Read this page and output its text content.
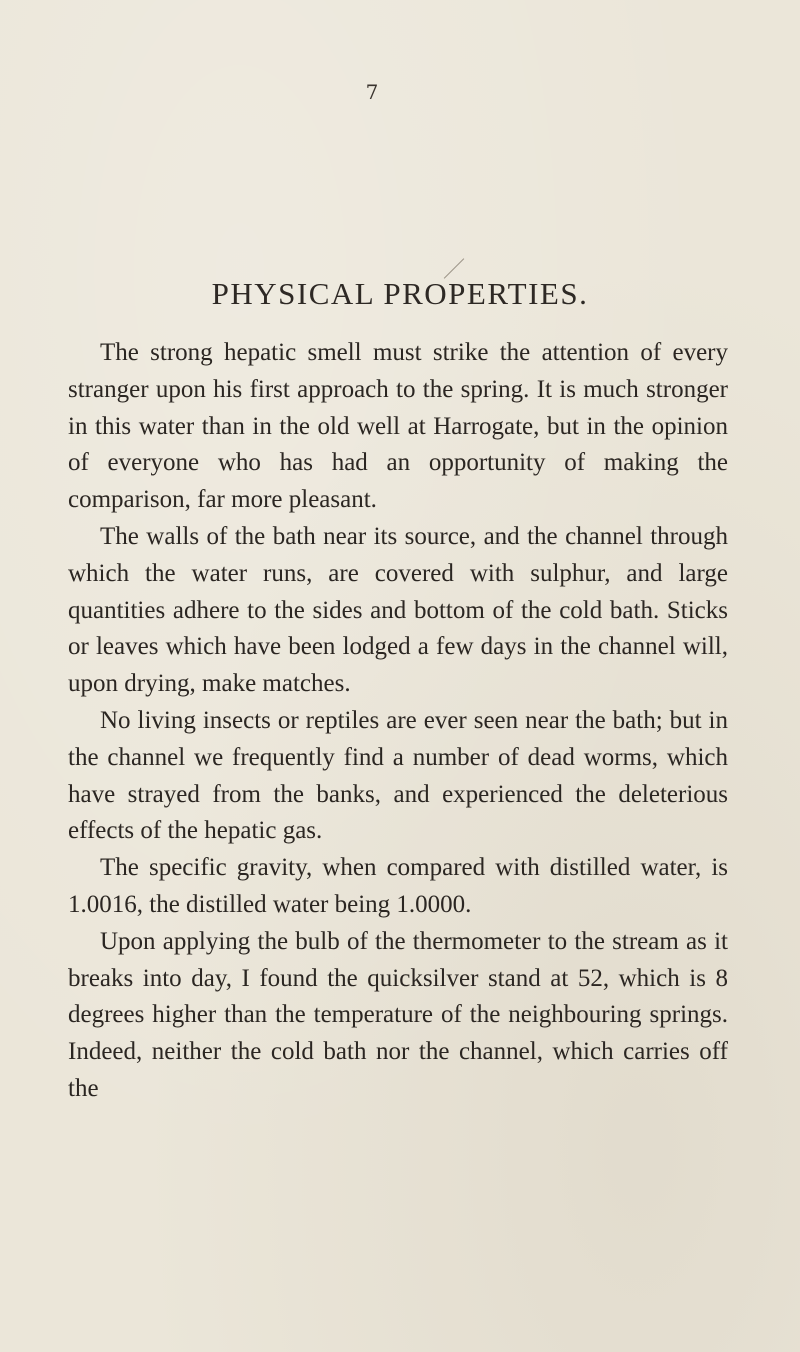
7
PHYSICAL PROPERTIES.

The strong hepatic smell must strike the attention of every stranger upon his first approach to the spring. It is much stronger in this water than in the old well at Harrogate, but in the opinion of everyone who has had an opportunity of making the comparison, far more pleasant.

The walls of the bath near its source, and the channel through which the water runs, are covered with sulphur, and large quantities adhere to the sides and bottom of the cold bath. Sticks or leaves which have been lodged a few days in the channel will, upon drying, make matches.

No living insects or reptiles are ever seen near the bath; but in the channel we frequently find a number of dead worms, which have strayed from the banks, and experienced the deleterious effects of the hepatic gas.

The specific gravity, when compared with distilled water, is 1.0016, the distilled water being 1.0000.

Upon applying the bulb of the thermometer to the stream as it breaks into day, I found the quicksilver stand at 52, which is 8 degrees higher than the temperature of the neighbouring springs. Indeed, neither the cold bath nor the channel, which carries off the
